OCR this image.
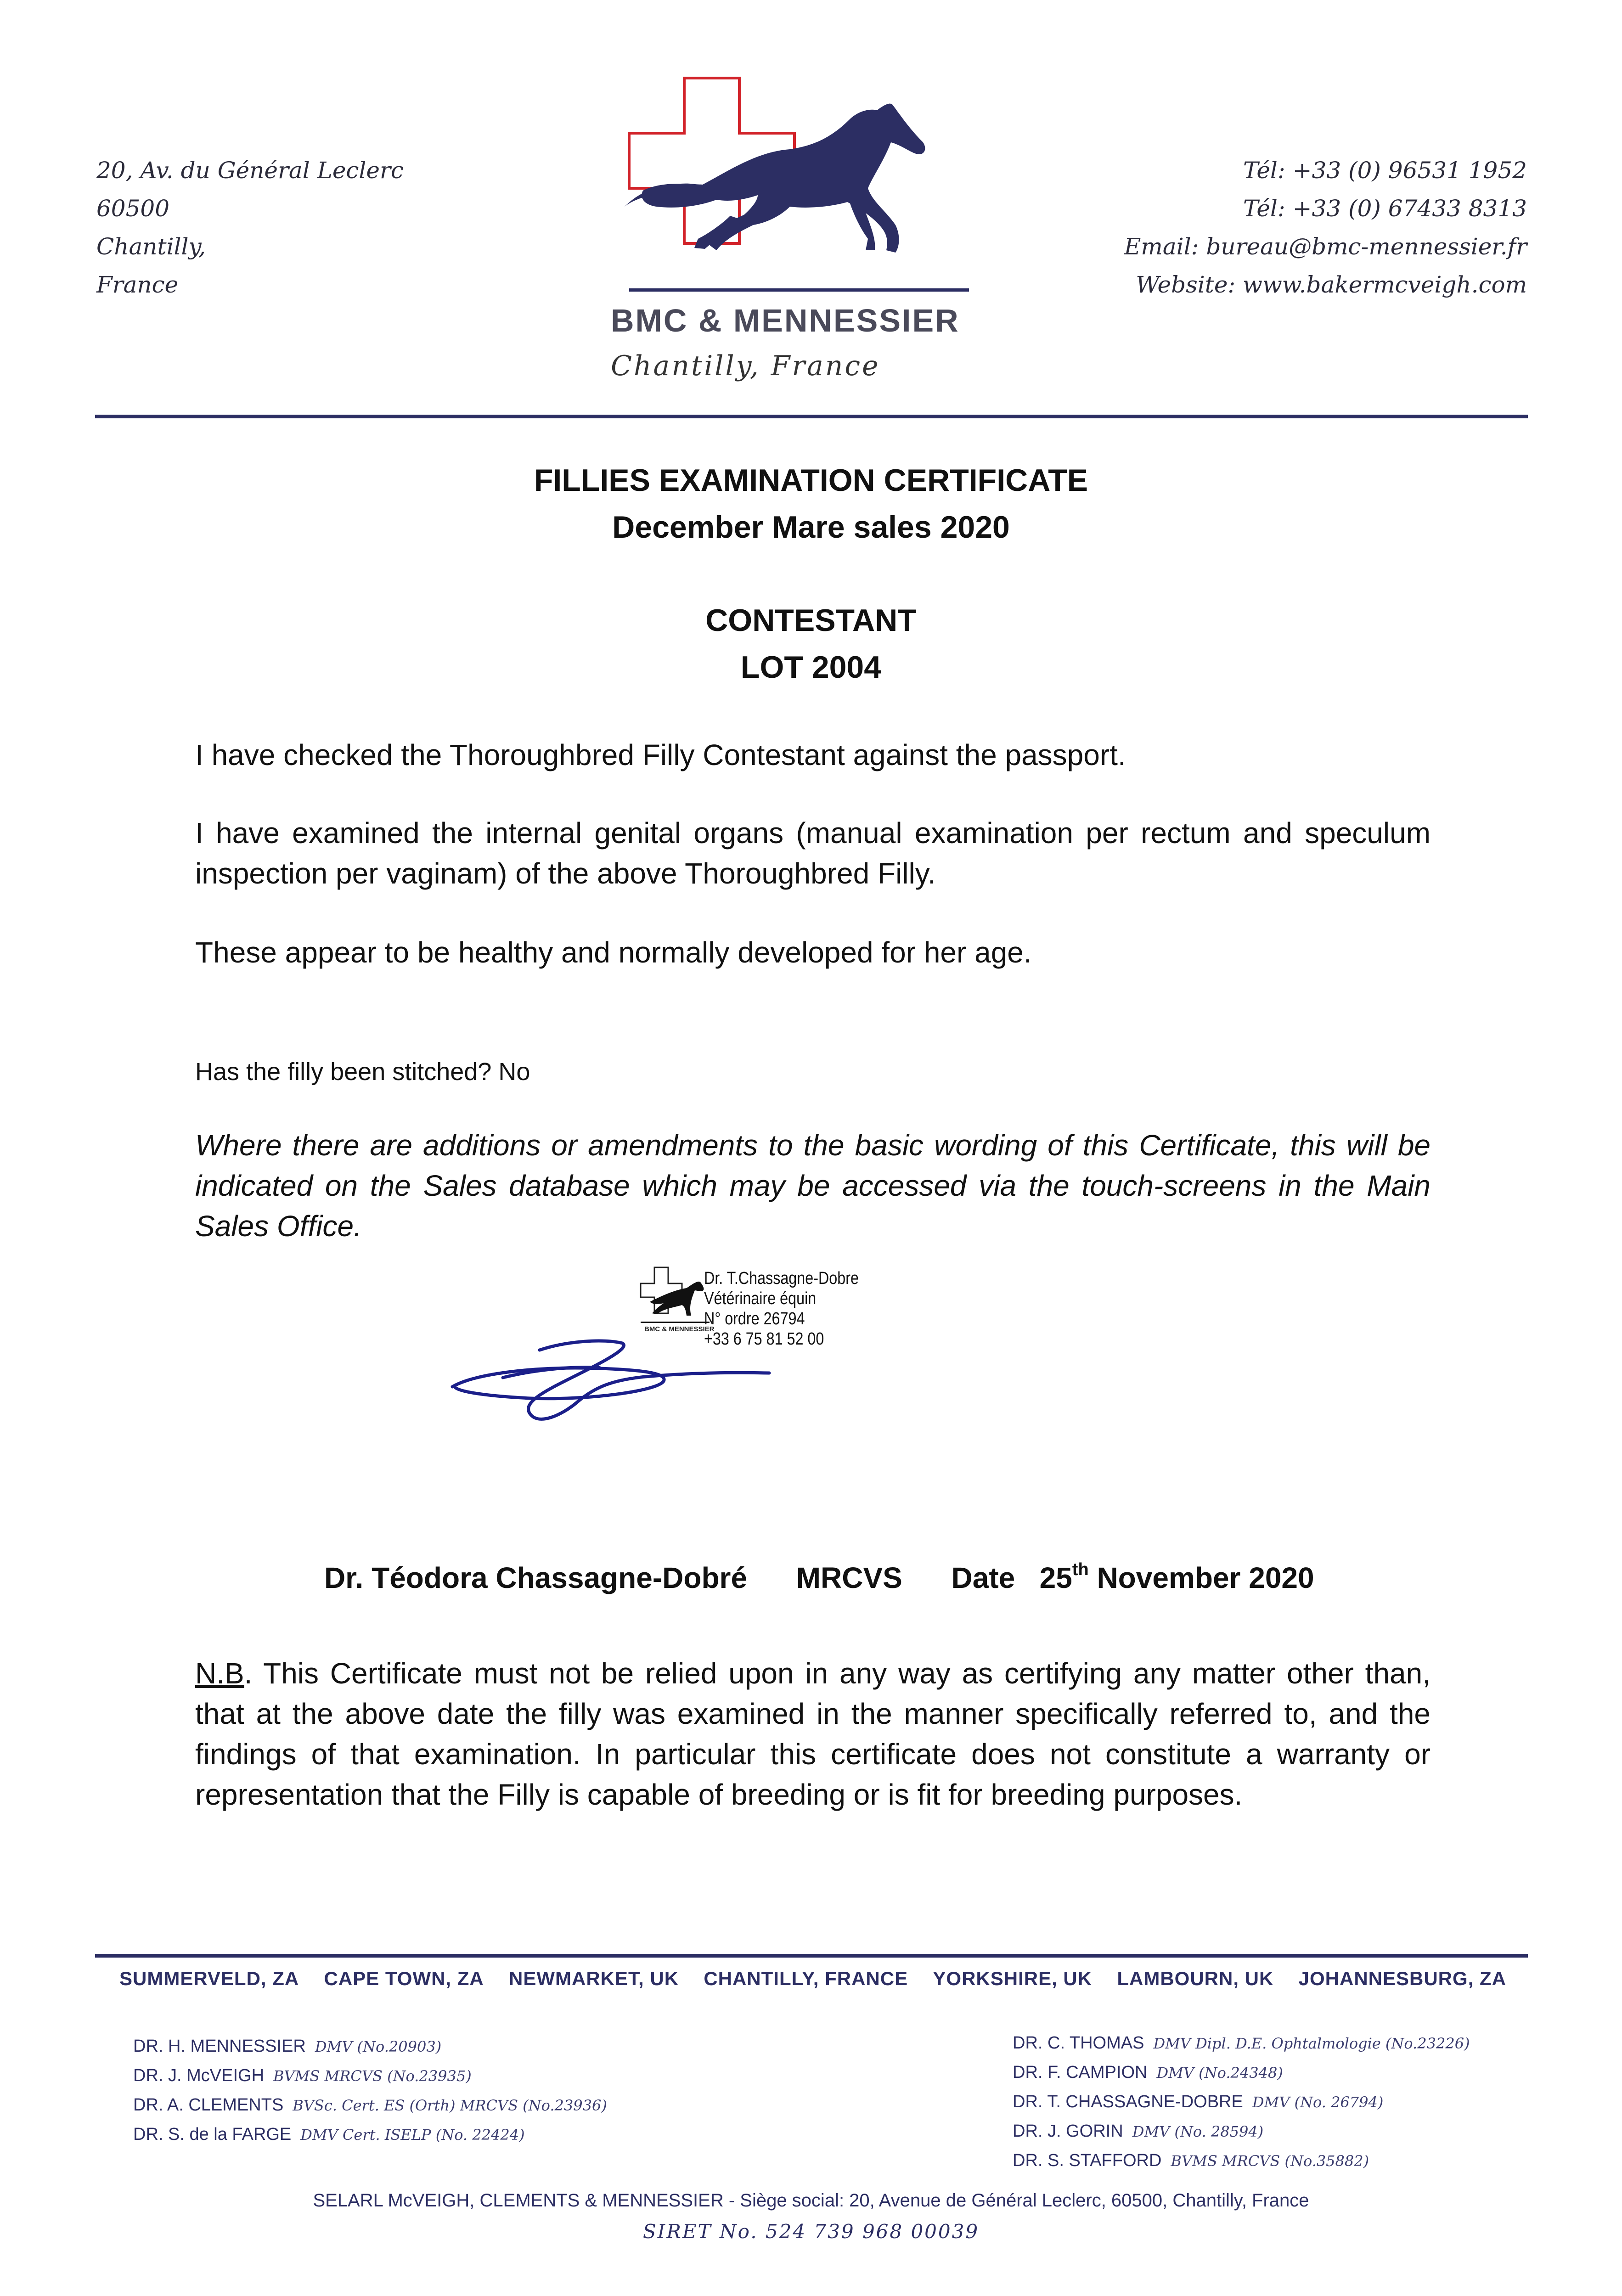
20, Av. du Général Leclerc
60500
Chantilly,
France
Tél: +33 (0) 96531 1952
Tél: +33 (0) 67433 8313
Email: bureau@bmc-mennessier.fr
Website: www.bakermcveigh.com
BMC & MENNESSIER
Chantilly, France
FILLIES EXAMINATION CERTIFICATE
December Mare sales 2020
CONTESTANT
LOT 2004
I have checked the Thoroughbred Filly Contestant against the passport.
I have examined the internal genital organs (manual examination per rectum and speculum inspection per vaginam) of the above Thoroughbred Filly.
These appear to be healthy and normally developed for her age.
Has the filly been stitched? No
Where there are additions or amendments to the basic wording of this Certificate, this will be indicated on the Sales database which may be accessed via the touch-screens in the Main Sales Office.
BMC & MENNESSIER
Dr. T.Chassagne-Dobre
Vétérinaire équin
N° ordre 26794
+33 6 75 81 52 00

Dr. Téodora Chassagne-Dobré MRCVS Date 25th November 2020

N.B. This Certificate must not be relied upon in any way as certifying any matter other than, that at the above date the filly was examined in the manner specifically referred to, and the findings of that examination. In particular this certificate does not constitute a warranty or representation that the Filly is capable of breeding or is fit for breeding purposes.
SUMMERVELD, ZA CAPE TOWN, ZA NEWMARKET, UK CHANTILLY, FRANCE YORKSHIRE, UK LAMBOURN, UK JOHANNESBURG, ZA
DR. H. MENNESSIER DMV (No.20903)
DR. J. McVEIGH BVMS MRCVS (No.23935)
DR. A. CLEMENTS BVSc. Cert. ES (Orth) MRCVS (No.23936)
DR. S. de la FARGE DMV Cert. ISELP (No. 22424)
DR. C. THOMAS DMV Dipl. D.E. Ophtalmologie (No.23226)
DR. F. CAMPION DMV (No.24348)
DR. T. CHASSAGNE-DOBRE DMV (No. 26794)
DR. J. GORIN DMV (No. 28594)
DR. S. STAFFORD BVMS MRCVS (No.35882)
SELARL McVEIGH, CLEMENTS & MENNESSIER - Siège social: 20, Avenue de Général Leclerc, 60500, Chantilly, France
SIRET No. 524 739 968 00039
